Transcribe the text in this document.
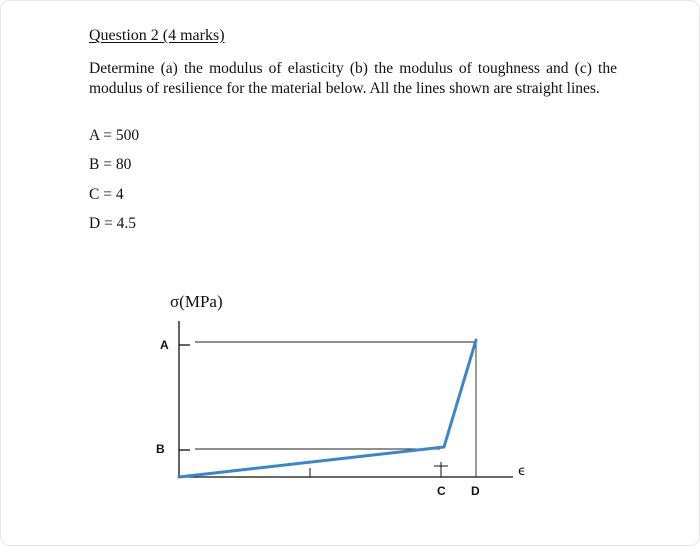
Question 2 (4 marks)
Determine (a) the modulus of elasticity (b) the modulus of toughness and (c) the modulus of resilience for the material below. All the lines shown are straight lines.
A = 500
B = 80
C = 4
D = 4.5
σ(MPa)
A
B
C D
ϵ
